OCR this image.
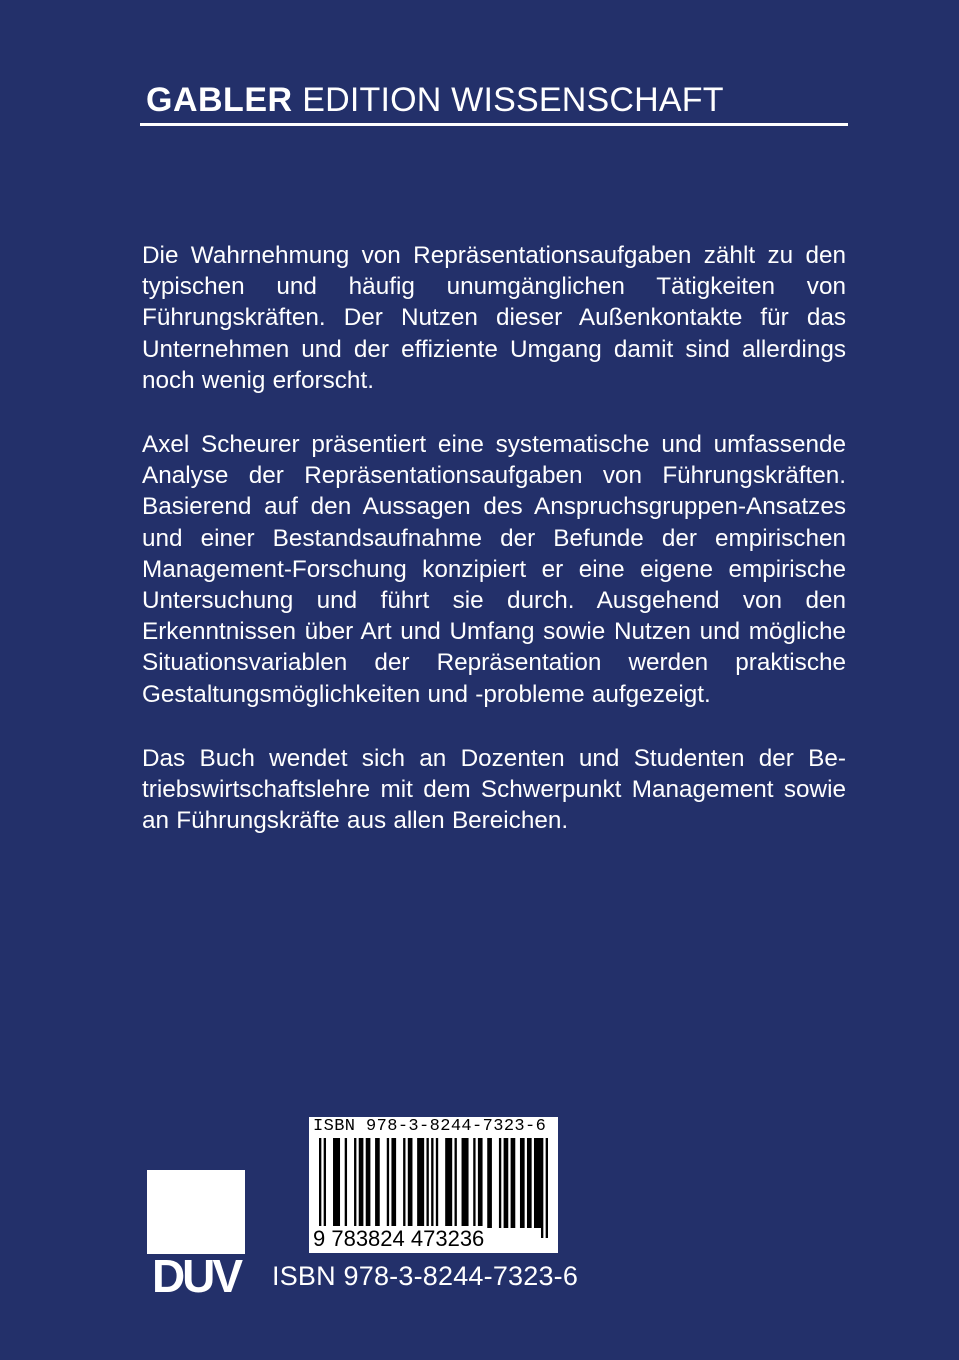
GABLER EDITION WISSENSCHAFT

Die Wahrnehmung von Repräsentationsaufgaben zählt zu den typischen und häufig unumgänglichen Tätigkeiten von Führungskräften. Der Nutzen dieser Außenkontakte für das Unternehmen und der effiziente Umgang damit sind allerdings noch wenig erforscht.

Axel Scheurer präsentiert eine systematische und umfassende Analyse der Repräsentationsaufgaben von Führungskräften. Basierend auf den Aussagen des Anspruchsgruppen-Ansatzes und einer Bestandsaufnahme der Befunde der empirischen Management-Forschung konzipiert er eine eigene empirische Untersuchung und führt sie durch. Ausgehend von den Erkenntnissen über Art und Umfang sowie Nutzen und mögliche Situationsvariablen der Repräsentation werden praktische Gestaltungsmöglichkeiten und -probleme aufgezeigt.

Das Buch wendet sich an Dozenten und Studenten der Betriebswirtschaftslehre mit dem Schwerpunkt Management sowie an Führungskräfte aus allen Bereichen.

ISBN 978-3-8244-7323-6
9 783824 473236
DUV ISBN 978-3-8244-7323-6
